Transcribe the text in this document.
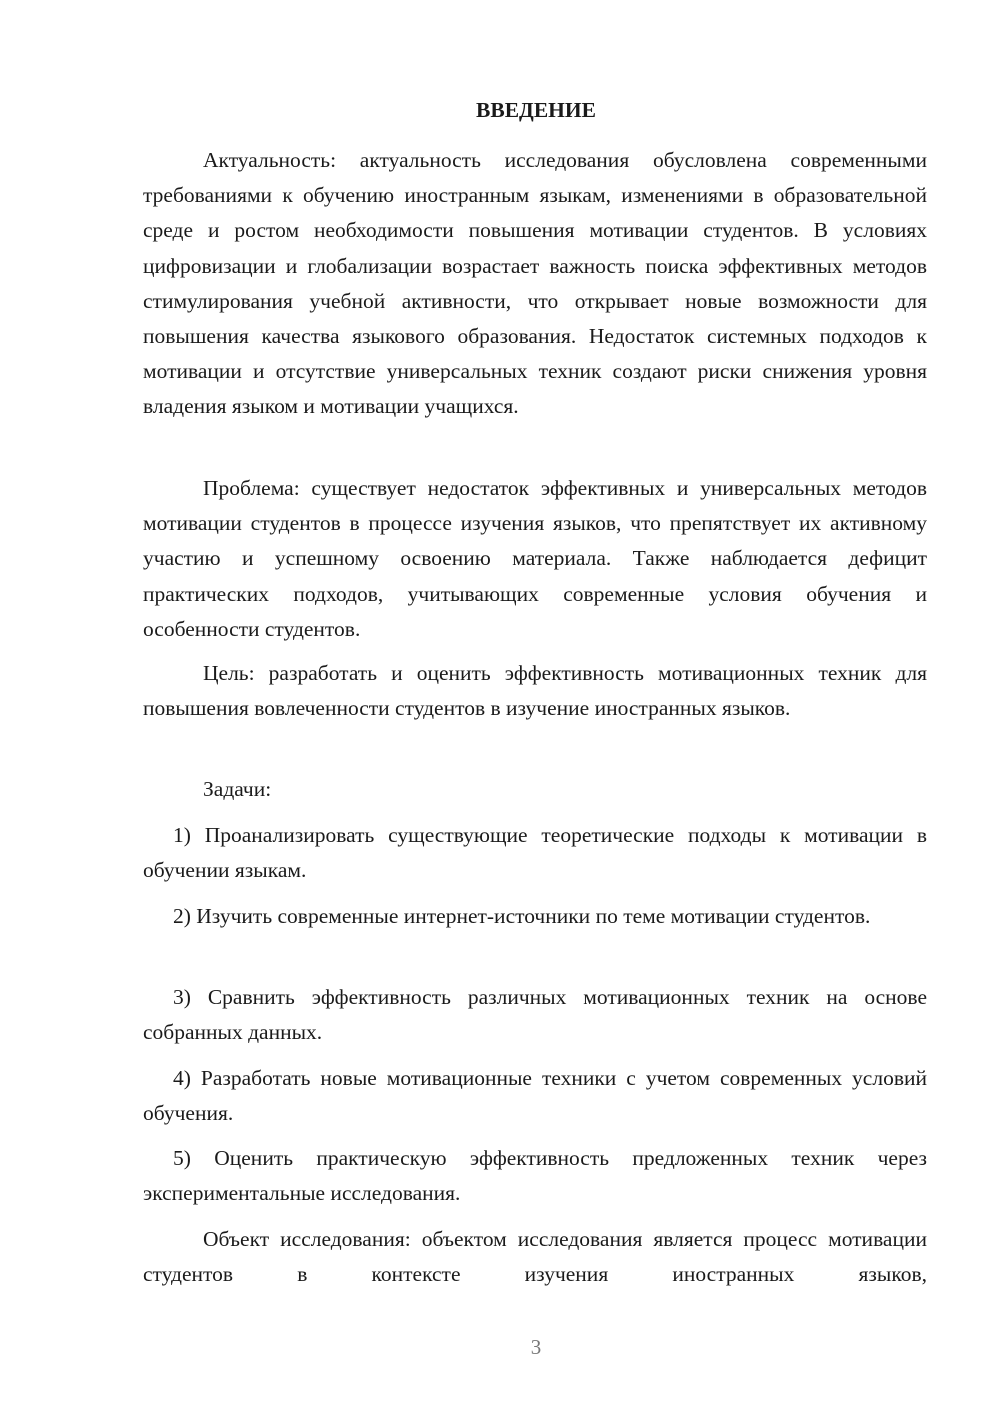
ВВЕДЕНИЕ

Актуальность: актуальность исследования обусловлена современными требованиями к обучению иностранным языкам, изменениями в образовательной среде и ростом необходимости повышения мотивации студентов. В условиях цифровизации и глобализации возрастает важность поиска эффективных методов стимулирования учебной активности, что открывает новые возможности для повышения качества языкового образования. Недостаток системных подходов к мотивации и отсутствие универсальных техник создают риски снижения уровня владения языком и мотивации учащихся.

Проблема: существует недостаток эффективных и универсальных методов мотивации студентов в процессе изучения языков, что препятствует их активному участию и успешному освоению материала. Также наблюдается дефицит практических подходов, учитывающих современные условия обучения и особенности студентов.

Цель: разработать и оценить эффективность мотивационных техник для повышения вовлеченности студентов в изучение иностранных языков.

Задачи:

1) Проанализировать существующие теоретические подходы к мотивации в обучении языкам.

2) Изучить современные интернет-источники по теме мотивации студентов.

3) Сравнить эффективность различных мотивационных техник на основе собранных данных.

4) Разработать новые мотивационные техники с учетом современных условий обучения.

5) Оценить практическую эффективность предложенных техник через экспериментальные исследования.

Объект исследования: объектом исследования является процесс мотивации студентов в контексте изучения иностранных языков,

3
